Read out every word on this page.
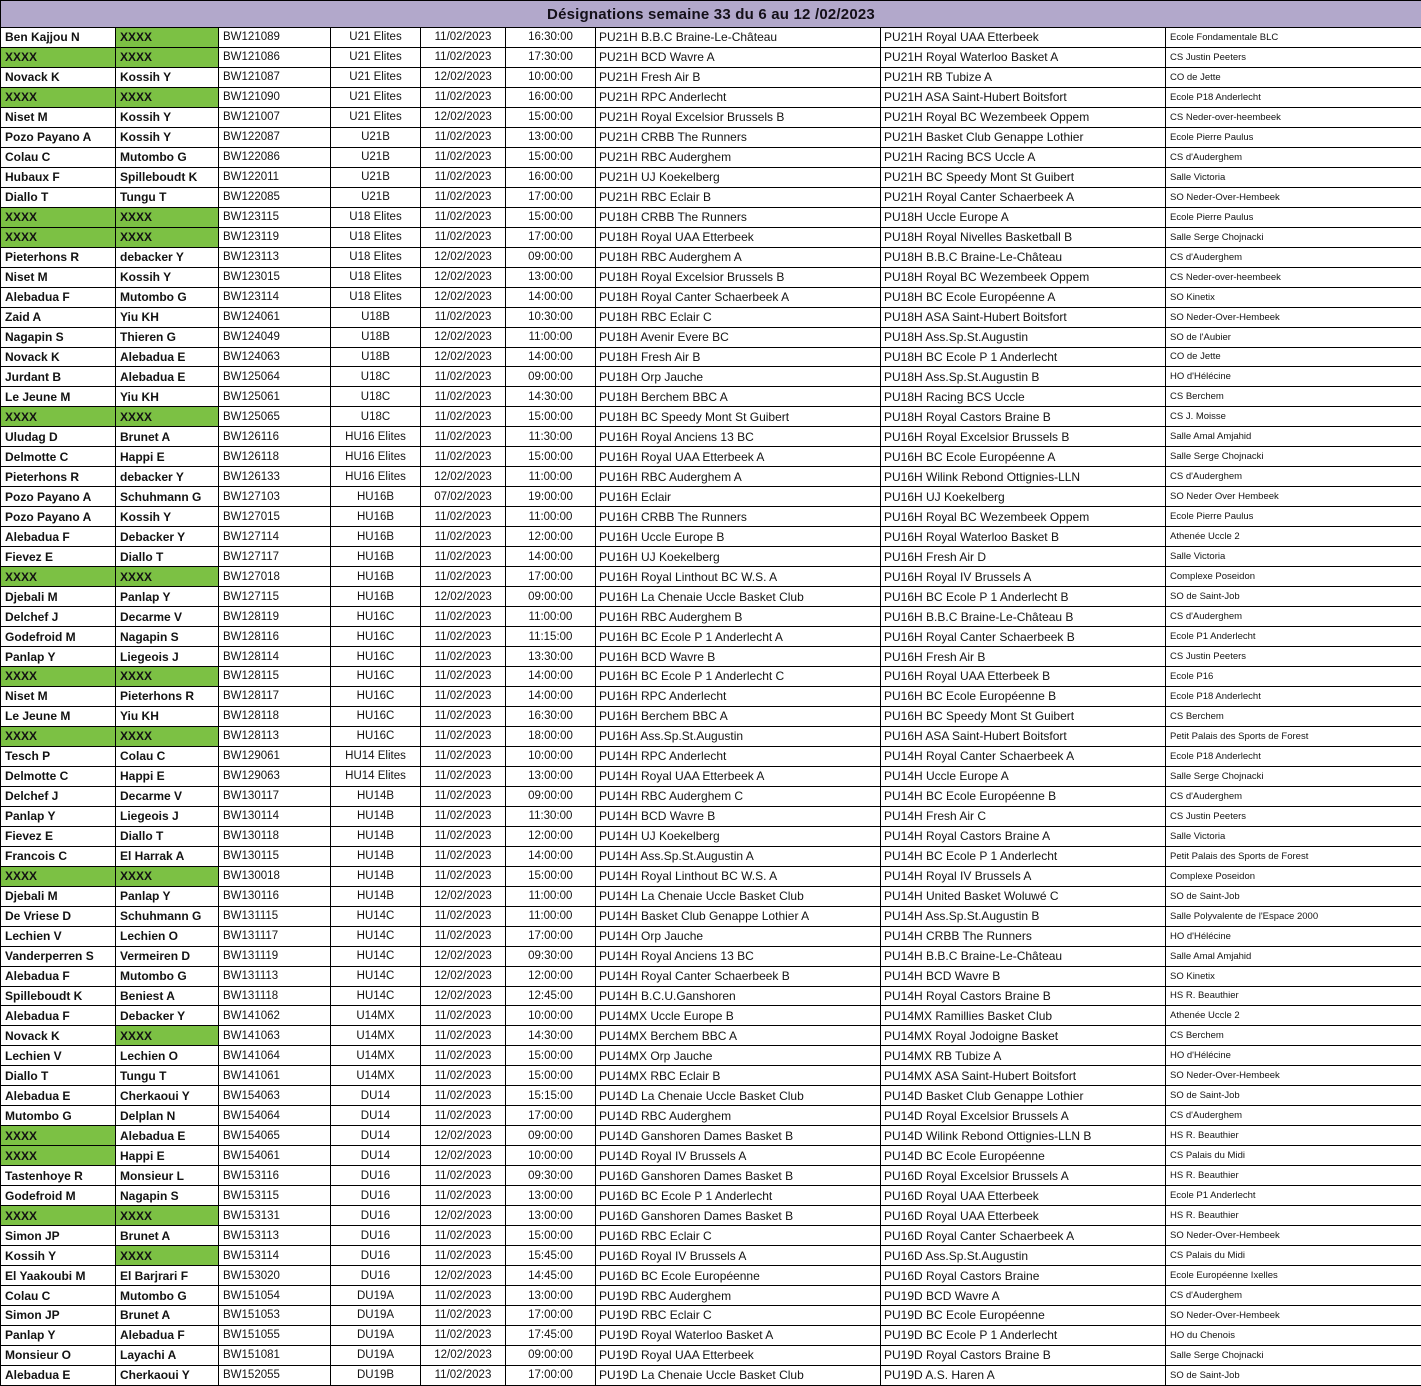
Désignations semaine 33 du 6 au 12 /02/2023								
Ben Kajjou N	XXXX	BW121089	U21 Elites	11/02/2023	16:30:00	PU21H B.B.C Braine-Le-Château	PU21H Royal UAA Etterbeek	Ecole Fondamentale BLC
XXXX	XXXX	BW121086	U21 Elites	11/02/2023	17:30:00	PU21H BCD Wavre A	PU21H Royal Waterloo Basket A	CS Justin Peeters
Novack K	Kossih Y	BW121087	U21 Elites	12/02/2023	10:00:00	PU21H Fresh Air B	PU21H RB Tubize A	CO de Jette
XXXX	XXXX	BW121090	U21 Elites	11/02/2023	16:00:00	PU21H RPC Anderlecht	PU21H ASA Saint-Hubert Boitsfort	Ecole P18 Anderlecht
Niset M	Kossih Y	BW121007	U21 Elites	12/02/2023	15:00:00	PU21H Royal Excelsior Brussels B	PU21H Royal BC Wezembeek Oppem	CS Neder-over-heembeek
Pozo Payano A	Kossih Y	BW122087	U21B	11/02/2023	13:00:00	PU21H CRBB The Runners	PU21H Basket Club Genappe Lothier	Ecole Pierre Paulus
Colau C	Mutombo G	BW122086	U21B	11/02/2023	15:00:00	PU21H RBC Auderghem	PU21H Racing BCS Uccle A	CS d'Auderghem
Hubaux F	Spilleboudt K	BW122011	U21B	11/02/2023	16:00:00	PU21H UJ Koekelberg	PU21H BC Speedy Mont St Guibert	Salle Victoria
Diallo T	Tungu T	BW122085	U21B	11/02/2023	17:00:00	PU21H RBC Eclair B	PU21H Royal Canter Schaerbeek A	SO Neder-Over-Hembeek
XXXX	XXXX	BW123115	U18 Elites	11/02/2023	15:00:00	PU18H CRBB The Runners	PU18H Uccle Europe A	Ecole Pierre Paulus
XXXX	XXXX	BW123119	U18 Elites	11/02/2023	17:00:00	PU18H Royal UAA Etterbeek	PU18H Royal Nivelles Basketball B	Salle Serge Chojnacki
Pieterhons R	debacker Y	BW123113	U18 Elites	12/02/2023	09:00:00	PU18H RBC Auderghem A	PU18H B.B.C Braine-Le-Château	CS d'Auderghem
Niset M	Kossih Y	BW123015	U18 Elites	12/02/2023	13:00:00	PU18H Royal Excelsior Brussels B	PU18H Royal BC Wezembeek Oppem	CS Neder-over-heembeek
Alebadua F	Mutombo G	BW123114	U18 Elites	12/02/2023	14:00:00	PU18H Royal Canter Schaerbeek A	PU18H BC Ecole Européenne A	SO Kinetix
Zaid A	Yiu KH	BW124061	U18B	11/02/2023	10:30:00	PU18H RBC Eclair C	PU18H ASA Saint-Hubert Boitsfort	SO Neder-Over-Hembeek
Nagapin S	Thieren G	BW124049	U18B	12/02/2023	11:00:00	PU18H Avenir Evere BC	PU18H Ass.Sp.St.Augustin	SO de l'Aubier
Novack K	Alebadua E	BW124063	U18B	12/02/2023	14:00:00	PU18H Fresh Air B	PU18H BC Ecole P 1 Anderlecht	CO de Jette
Jurdant B	Alebadua E	BW125064	U18C	11/02/2023	09:00:00	PU18H Orp Jauche	PU18H Ass.Sp.St.Augustin B	HO d'Hélécine
Le Jeune M	Yiu KH	BW125061	U18C	11/02/2023	14:30:00	PU18H Berchem BBC A	PU18H Racing BCS Uccle	CS Berchem
XXXX	XXXX	BW125065	U18C	11/02/2023	15:00:00	PU18H BC Speedy Mont St Guibert	PU18H Royal Castors Braine B	CS J. Moisse
Uludag D	Brunet A	BW126116	HU16 Elites	11/02/2023	11:30:00	PU16H Royal Anciens 13 BC	PU16H Royal Excelsior Brussels B	Salle Amal Amjahid
Delmotte C	Happi E	BW126118	HU16 Elites	11/02/2023	15:00:00	PU16H Royal UAA Etterbeek A	PU16H BC Ecole Européenne A	Salle Serge Chojnacki
Pieterhons R	debacker Y	BW126133	HU16 Elites	12/02/2023	11:00:00	PU16H RBC Auderghem A	PU16H Wilink Rebond Ottignies-LLN	CS d'Auderghem
Pozo Payano A	Schuhmann G	BW127103	HU16B	07/02/2023	19:00:00	PU16H Eclair	PU16H UJ Koekelberg	SO Neder Over Hembeek
Pozo Payano A	Kossih Y	BW127015	HU16B	11/02/2023	11:00:00	PU16H CRBB The Runners	PU16H Royal BC Wezembeek Oppem	Ecole Pierre Paulus
Alebadua F	Debacker Y	BW127114	HU16B	11/02/2023	12:00:00	PU16H Uccle Europe B	PU16H Royal Waterloo Basket B	Athenée Uccle 2
Fievez E	Diallo T	BW127117	HU16B	11/02/2023	14:00:00	PU16H UJ Koekelberg	PU16H Fresh Air D	Salle Victoria
XXXX	XXXX	BW127018	HU16B	11/02/2023	17:00:00	PU16H Royal Linthout BC W.S. A	PU16H Royal IV Brussels A	Complexe Poseidon
Djebali M	Panlap Y	BW127115	HU16B	12/02/2023	09:00:00	PU16H La Chenaie Uccle Basket Club	PU16H BC Ecole P 1 Anderlecht B	SO de Saint-Job
Delchef J	Decarme V	BW128119	HU16C	11/02/2023	11:00:00	PU16H RBC Auderghem B	PU16H B.B.C Braine-Le-Château B	CS d'Auderghem
Godefroid M	Nagapin S	BW128116	HU16C	11/02/2023	11:15:00	PU16H BC Ecole P 1 Anderlecht A	PU16H Royal Canter Schaerbeek B	Ecole P1 Anderlecht
Panlap Y	Liegeois J	BW128114	HU16C	11/02/2023	13:30:00	PU16H BCD Wavre B	PU16H Fresh Air B	CS Justin Peeters
XXXX	XXXX	BW128115	HU16C	11/02/2023	14:00:00	PU16H BC Ecole P 1 Anderlecht C	PU16H Royal UAA Etterbeek B	Ecole P16
Niset M	Pieterhons R	BW128117	HU16C	11/02/2023	14:00:00	PU16H RPC Anderlecht	PU16H BC Ecole Européenne B	Ecole P18 Anderlecht
Le Jeune M	Yiu KH	BW128118	HU16C	11/02/2023	16:30:00	PU16H Berchem BBC A	PU16H BC Speedy Mont St Guibert	CS Berchem
XXXX	XXXX	BW128113	HU16C	11/02/2023	18:00:00	PU16H Ass.Sp.St.Augustin	PU16H ASA Saint-Hubert Boitsfort	Petit Palais des Sports de Forest
Tesch P	Colau C	BW129061	HU14 Elites	11/02/2023	10:00:00	PU14H RPC Anderlecht	PU14H Royal Canter Schaerbeek A	Ecole P18 Anderlecht
Delmotte C	Happi E	BW129063	HU14 Elites	11/02/2023	13:00:00	PU14H Royal UAA Etterbeek A	PU14H Uccle Europe A	Salle Serge Chojnacki
Delchef J	Decarme V	BW130117	HU14B	11/02/2023	09:00:00	PU14H RBC Auderghem C	PU14H BC Ecole Européenne B	CS d'Auderghem
Panlap Y	Liegeois J	BW130114	HU14B	11/02/2023	11:30:00	PU14H BCD Wavre B	PU14H Fresh Air C	CS Justin Peeters
Fievez E	Diallo T	BW130118	HU14B	11/02/2023	12:00:00	PU14H UJ Koekelberg	PU14H Royal Castors Braine A	Salle Victoria
Francois C	El Harrak A	BW130115	HU14B	11/02/2023	14:00:00	PU14H Ass.Sp.St.Augustin A	PU14H BC Ecole P 1 Anderlecht	Petit Palais des Sports de Forest
XXXX	XXXX	BW130018	HU14B	11/02/2023	15:00:00	PU14H Royal Linthout BC W.S. A	PU14H Royal IV Brussels A	Complexe Poseidon
Djebali M	Panlap Y	BW130116	HU14B	12/02/2023	11:00:00	PU14H La Chenaie Uccle Basket Club	PU14H United Basket Woluwé C	SO de Saint-Job
De Vriese D	Schuhmann G	BW131115	HU14C	11/02/2023	11:00:00	PU14H Basket Club Genappe Lothier A	PU14H Ass.Sp.St.Augustin B	Salle Polyvalente de l'Espace 2000
Lechien V	Lechien O	BW131117	HU14C	11/02/2023	17:00:00	PU14H Orp Jauche	PU14H CRBB The Runners	HO d'Hélécine
Vanderperren S	Vermeiren D	BW131119	HU14C	12/02/2023	09:30:00	PU14H Royal Anciens 13 BC	PU14H B.B.C Braine-Le-Château	Salle Amal Amjahid
Alebadua F	Mutombo G	BW131113	HU14C	12/02/2023	12:00:00	PU14H Royal Canter Schaerbeek B	PU14H BCD Wavre B	SO Kinetix
Spilleboudt K	Beniest A	BW131118	HU14C	12/02/2023	12:45:00	PU14H B.C.U.Ganshoren	PU14H Royal Castors Braine B	HS R. Beauthier
Alebadua F	Debacker Y	BW141062	U14MX	11/02/2023	10:00:00	PU14MX Uccle Europe B	PU14MX Ramillies Basket Club	Athenée Uccle 2
Novack K	XXXX	BW141063	U14MX	11/02/2023	14:30:00	PU14MX Berchem BBC A	PU14MX Royal Jodoigne Basket	CS Berchem
Lechien V	Lechien O	BW141064	U14MX	11/02/2023	15:00:00	PU14MX Orp Jauche	PU14MX RB Tubize A	HO d'Hélécine
Diallo T	Tungu T	BW141061	U14MX	11/02/2023	15:00:00	PU14MX RBC Eclair B	PU14MX ASA Saint-Hubert Boitsfort	SO Neder-Over-Hembeek
Alebadua E	Cherkaoui Y	BW154063	DU14	11/02/2023	15:15:00	PU14D La Chenaie Uccle Basket Club	PU14D Basket Club Genappe Lothier	SO de Saint-Job
Mutombo G	Delplan N	BW154064	DU14	11/02/2023	17:00:00	PU14D RBC Auderghem	PU14D Royal Excelsior Brussels A	CS d'Auderghem
XXXX	Alebadua E	BW154065	DU14	12/02/2023	09:00:00	PU14D Ganshoren Dames Basket B	PU14D Wilink Rebond Ottignies-LLN B	HS R. Beauthier
XXXX	Happi E	BW154061	DU14	12/02/2023	10:00:00	PU14D Royal IV Brussels A	PU14D BC Ecole Européenne	CS Palais du Midi
Tastenhoye R	Monsieur L	BW153116	DU16	11/02/2023	09:30:00	PU16D Ganshoren Dames Basket B	PU16D Royal Excelsior Brussels A	HS R. Beauthier
Godefroid M	Nagapin S	BW153115	DU16	11/02/2023	13:00:00	PU16D BC Ecole P 1 Anderlecht	PU16D Royal UAA Etterbeek	Ecole P1 Anderlecht
XXXX	XXXX	BW153131	DU16	12/02/2023	13:00:00	PU16D Ganshoren Dames Basket B	PU16D Royal UAA Etterbeek	HS R. Beauthier
Simon JP	Brunet A	BW153113	DU16	11/02/2023	15:00:00	PU16D RBC Eclair C	PU16D Royal Canter Schaerbeek A	SO Neder-Over-Hembeek
Kossih Y	XXXX	BW153114	DU16	11/02/2023	15:45:00	PU16D Royal IV Brussels A	PU16D Ass.Sp.St.Augustin	CS Palais du Midi
El Yaakoubi M	El Barjrari F	BW153020	DU16	12/02/2023	14:45:00	PU16D BC Ecole Européenne	PU16D Royal Castors Braine	Ecole Européenne Ixelles
Colau C	Mutombo G	BW151054	DU19A	11/02/2023	13:00:00	PU19D RBC Auderghem	PU19D BCD Wavre A	CS d'Auderghem
Simon JP	Brunet A	BW151053	DU19A	11/02/2023	17:00:00	PU19D RBC Eclair C	PU19D BC Ecole Européenne	SO Neder-Over-Hembeek
Panlap Y	Alebadua F	BW151055	DU19A	11/02/2023	17:45:00	PU19D Royal Waterloo Basket A	PU19D BC Ecole P 1 Anderlecht	HO du Chenois
Monsieur O	Layachi A	BW151081	DU19A	12/02/2023	09:00:00	PU19D Royal UAA Etterbeek	PU19D Royal Castors Braine B	Salle Serge Chojnacki
Alebadua E	Cherkaoui Y	BW152055	DU19B	11/02/2023	17:00:00	PU19D La Chenaie Uccle Basket Club	PU19D A.S. Haren A	SO de Saint-Job
